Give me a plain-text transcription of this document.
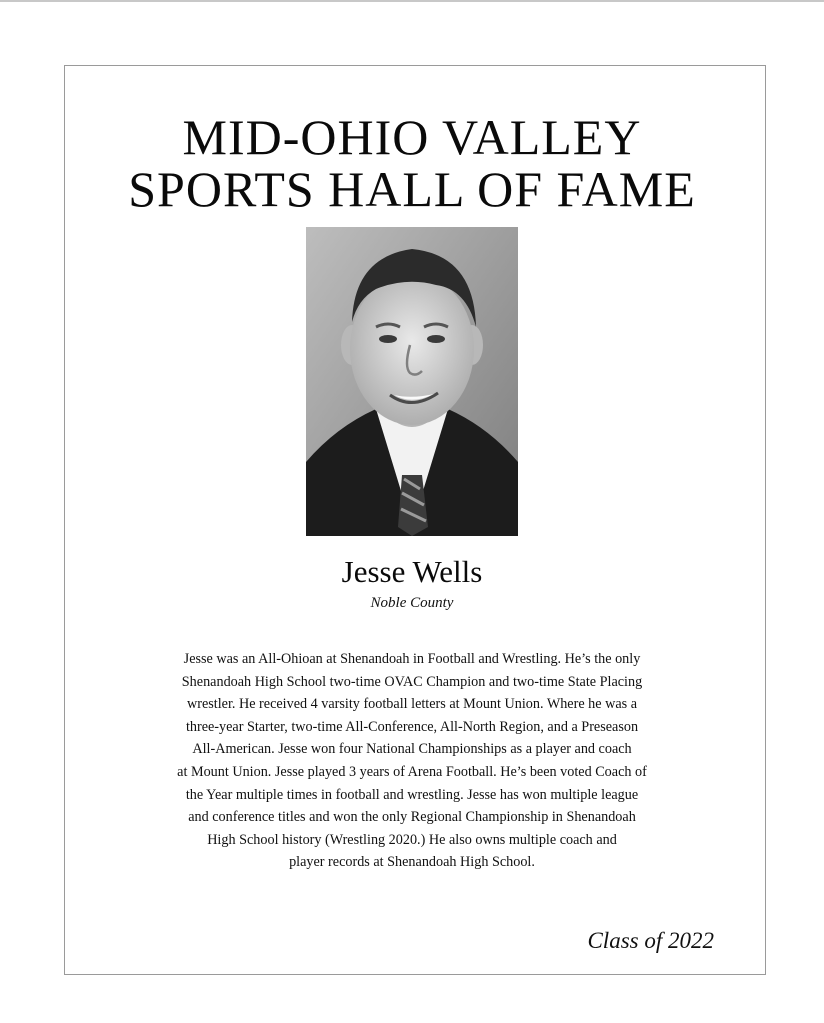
MID-OHIO VALLEY
SPORTS HALL OF FAME
Jesse Wells
Noble County
Jesse was an All-Ohioan at Shenandoah in Football and Wrestling. He’s the only
Shenandoah High School two-time OVAC Champion and two-time State Placing
wrestler. He received 4 varsity football letters at Mount Union. Where he was a
three-year Starter, two-time All-Conference, All-North Region, and a Preseason
All-American. Jesse won four National Championships as a player and coach
at Mount Union. Jesse played 3 years of Arena Football. He’s been voted Coach of
the Year multiple times in football and wrestling. Jesse has won multiple league
and conference titles and won the only Regional Championship in Shenandoah
High School history (Wrestling 2020.) He also owns multiple coach and
player records at Shenandoah High School.
Class of 2022
